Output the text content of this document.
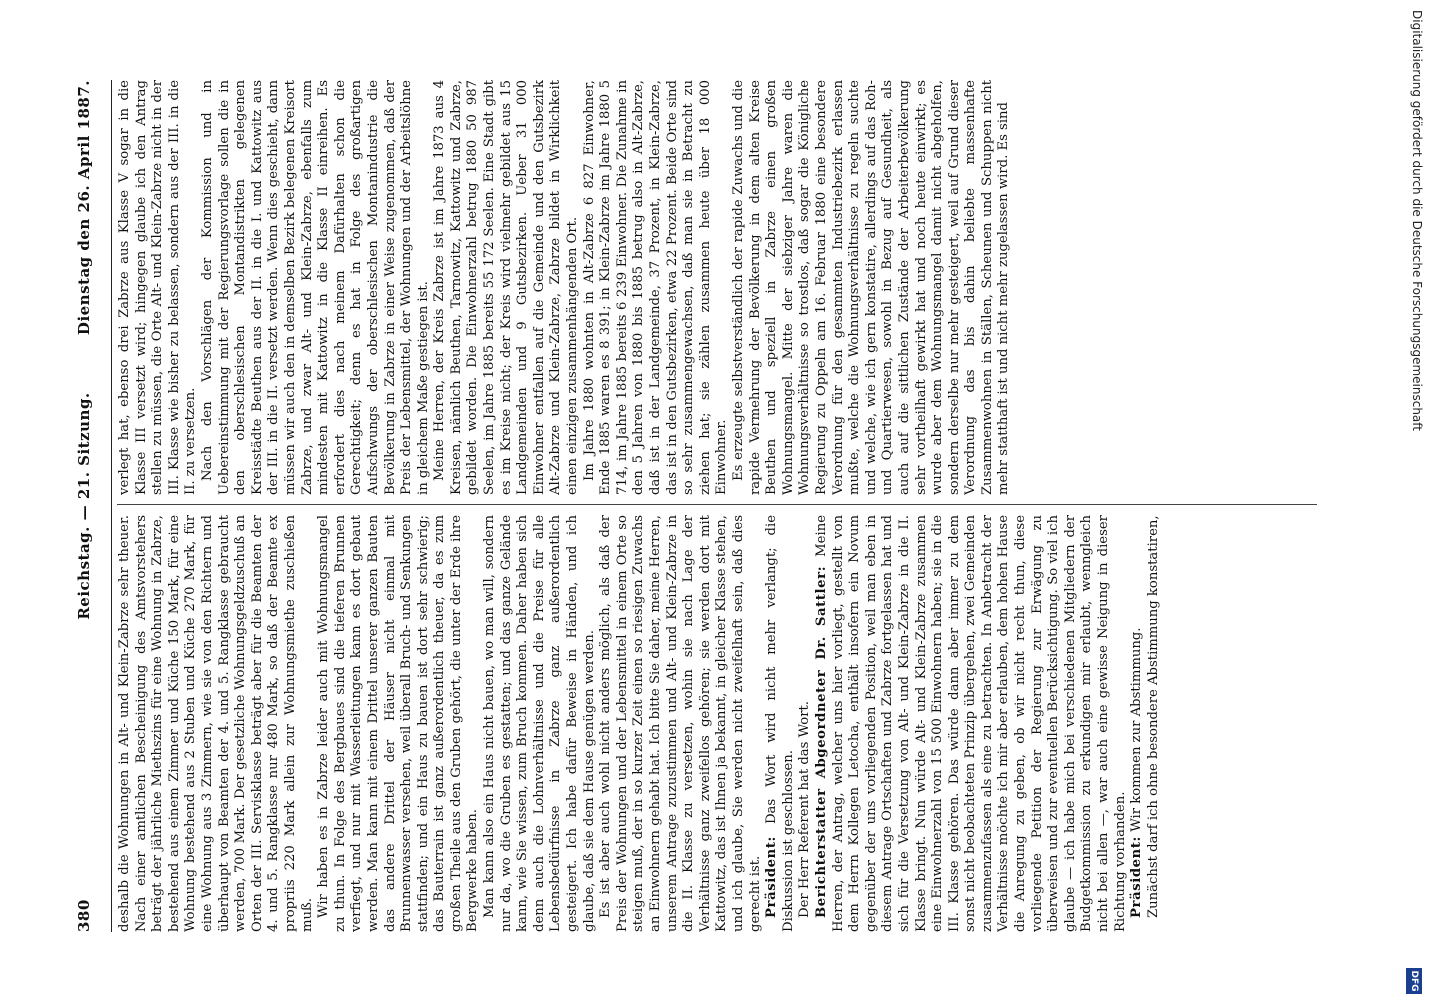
Digitalisierung gefördert durch die Deutsche Forschungsgemeinschaft
DFG

verlegt hat, ebenso drei Zabrze aus Klasse V sogar in die Klasse III versetzt wird; hingegen glaube ich den Antrag stellen zu müssen, die Orte Alt- und Klein-Zabrze nicht in der III. Klasse wie bisher zu belassen, sondern aus der III. in die II. zu versetzen. Nach den Vorschlägen der Kommission und in Uebereinstimmung mit der Regierungsvorlage sollen die in den oberschlesischen Montandistrikten gelegenen Kreisstädte Beuthen aus der II. in die I. und Kattowitz aus der III. in die II. versetzt werden. Wenn dies geschieht, dann müssen wir auch den in demselben Bezirk belegenen Kreisort Zabrze, und zwar Alt- und Klein-Zabrze, ebenfalls zum mindesten mit Kattowitz in die Klasse II einreihen. Es erfordert dies nach meinem Dafürhalten schon die Gerechtigkeit; denn es hat in Folge des großartigen Aufschwungs der oberschlesischen Montanindustrie die Bevölkerung in Zabrze in einer Weise zugenommen, daß der Preis der Lebensmittel, der Wohnungen und der Arbeitslöhne in gleichem Maße gestiegen ist. Meine Herren, der Kreis Zabrze ist im Jahre 1873 aus 4 Kreisen, nämlich Beuthen, Tarnowitz, Kattowitz und Zabrze, gebildet worden. Die Einwohnerzahl betrug 1880 50 987 Seelen, im Jahre 1885 bereits 55 172 Seelen. Eine Stadt gibt es im Kreise nicht; der Kreis wird vielmehr gebildet aus 15 Landgemeinden und 9 Gutsbezirken. Ueber 31 000 Einwohner entfallen auf die Gemeinde und den Gutsbezirk Alt-Zabrze und Klein-Zabrze, Zabrze bildet in Wirklichkeit einen einzigen zusammenhängenden Ort. Im Jahre 1880 wohnten in Alt-Zabrze 6 827 Einwohner, Ende 1885 waren es 8 391; in Klein-Zabrze im Jahre 1880 5 714, im Jahre 1885 bereits 6 239 Einwohner. Die Zunahme in den 5 Jahren von 1880 bis 1885 betrug also in Alt-Zabrze, daß ist in der Landgemeinde, 37 Prozent, in Klein-Zabrze, das ist in den Gutsbezirken, etwa 22 Prozent. Beide Orte sind so sehr zusammengewachsen, daß man sie in Betracht zu ziehen hat; sie zählen zusammen heute über 18 000 Einwohner. Es erzeugte selbstverständlich der rapide Zuwachs und die rapide Vermehrung der Bevölkerung in dem alten Kreise Beuthen und speziell in Zabrze einen großen Wohnungsmangel. Mitte der siebziger Jahre waren die Wohnungsverhältnisse so trostlos, daß sogar die Königliche Regierung zu Oppeln am 16. Februar 1880 eine besondere Verordnung für den gesammten Industriebezirk erlassen mußte, welche die Wohnungsverhältnisse zu regeln suchte und welche, wie ich gern konstatire, allerdings auf das Roh- und Quartierwesen, sowohl in Bezug auf Gesundheit, als auch auf die sittlichen Zustände der Arbeiterbevölkerung sehr vortheilhaft gewirkt hat und noch heute einwirkt; es wurde aber dem Wohnungsmangel damit nicht abgeholfen, sondern derselbe nur mehr gesteigert, weil auf Grund dieser Verordnung das bis dahin beliebte massenhafte Zusammenwohnen in Ställen, Scheunen und Schuppen nicht mehr statthaft ist und nicht mehr zugelassen wird. Es sind

deshalb die Wohnungen in Alt- und Klein-Zabrze sehr theuer. Nach einer amtlichen Bescheinigung des Amtsvorstehers beträgt der jährliche Miethszins für eine Wohnung in Zabrze, bestehend aus einem Zimmer und Küche 150 Mark, für eine Wohnung bestehend aus 2 Stuben und Küche 270 Mark, für eine Wohnung aus 3 Zimmern, wie sie von den Richtern und überhaupt von Beamten der 4. und 5. Rangklasse gebraucht werden, 700 Mark. Der gesetzliche Wohnungsgeldzuschuß an Orten der III. Servisklasse beträgt aber für die Beamten der 4. und 5. Rangklasse nur 480 Mark, so daß der Beamte ex propriis 220 Mark allein zur Wohnungsmiethe zuschießen muß. Wir haben es in Zabrze leider auch mit Wohnungsmangel zu thun. In Folge des Bergbaues sind die tieferen Brunnen verfiegt, und nur mit Wasserleitungen kann es dort gebaut werden. Man kann mit einem Drittel unserer ganzen Bauten das andere Drittel der Häuser nicht einmal mit Brunnenwasser versehen, weil überall Bruch- und Senkungen stattfinden; und ein Haus zu bauen ist dort sehr schwierig; das Bauterrain ist ganz außerordentlich theuer, da es zum großen Theile aus den Gruben gehört, die unter der Erde ihre Bergwerke haben. Man kann also ein Haus nicht bauen, wo man will, sondern nur da, wo die Gruben es gestatten; und das ganze Gelände kann, wie Sie wissen, zum Bruch kommen. Daher haben sich denn auch die Lohnverhältnisse und die Preise für alle Lebensbedürfnisse in Zabrze ganz außerordentlich gesteigert. Ich habe dafür Beweise in Händen, und ich glaube, daß sie dem Hause genügen werden. Es ist aber auch wohl nicht anders möglich, als daß der Preis der Wohnungen und der Lebensmittel in einem Orte so steigen muß, der in so kurzer Zeit einen so riesigen Zuwachs an Einwohnern gehabt hat. Ich bitte Sie daher, meine Herren, unserem Antrage zuzustimmen und Alt- und Klein-Zabrze in die II. Klasse zu versetzen, wohin sie nach Lage der Verhältnisse ganz zweifellos gehören; sie werden dort mit Kattowitz, das ist Ihnen ja bekannt, in gleicher Klasse stehen, und ich glaube, Sie werden nicht zweifelhaft sein, daß dies gerecht ist. Präsident: Das Wort wird nicht mehr verlangt; die Diskussion ist geschlossen. Der Herr Referent hat das Wort. Berichterstatter Abgeordneter Dr. Sattler: Meine Herren, der Antrag, welcher uns hier vorliegt, gestellt von dem Herrn Kollegen Letocha, enthält insofern ein Novum gegenüber der uns vorliegenden Position, weil man eben in diesem Antrage Ortschaften und Zabrze fortgelassen hat und sich für die Versetzung von Alt- und Klein-Zabrze in die II. Klasse bringt. Nun würde Alt- und Klein-Zabrze zusammen eine Einwohnerzahl von 15 500 Einwohnern haben; sie in die III. Klasse gehören. Das würde dann aber immer zu dem sonst nicht beobachteten Prinzip übergehen, zwei Gemeinden zusammenzufassen als eine zu betrachten. In Anbetracht der Verhältnisse möchte ich mir aber erlauben, dem hohen Hause die Anregung zu geben, ob wir nicht recht thun, diese vorliegende Petition der Regierung zur Erwägung zu überweisen und zur eventuellen Berücksichtigung. So viel ich glaube — ich habe mich bei verschiedenen Mitgliedern der Budgetkommission zu erkundigen mir erlaubt, wenngleich nicht bei allen —, war auch eine gewisse Neigung in dieser Richtung vorhanden. Präsident: Wir kommen zur Abstimmung. Zunächst darf ich ohne besondere Abstimmung konstatiren,

Dienstag den 26. April 1887.
Reichstag. — 21. Sitzung.
380
